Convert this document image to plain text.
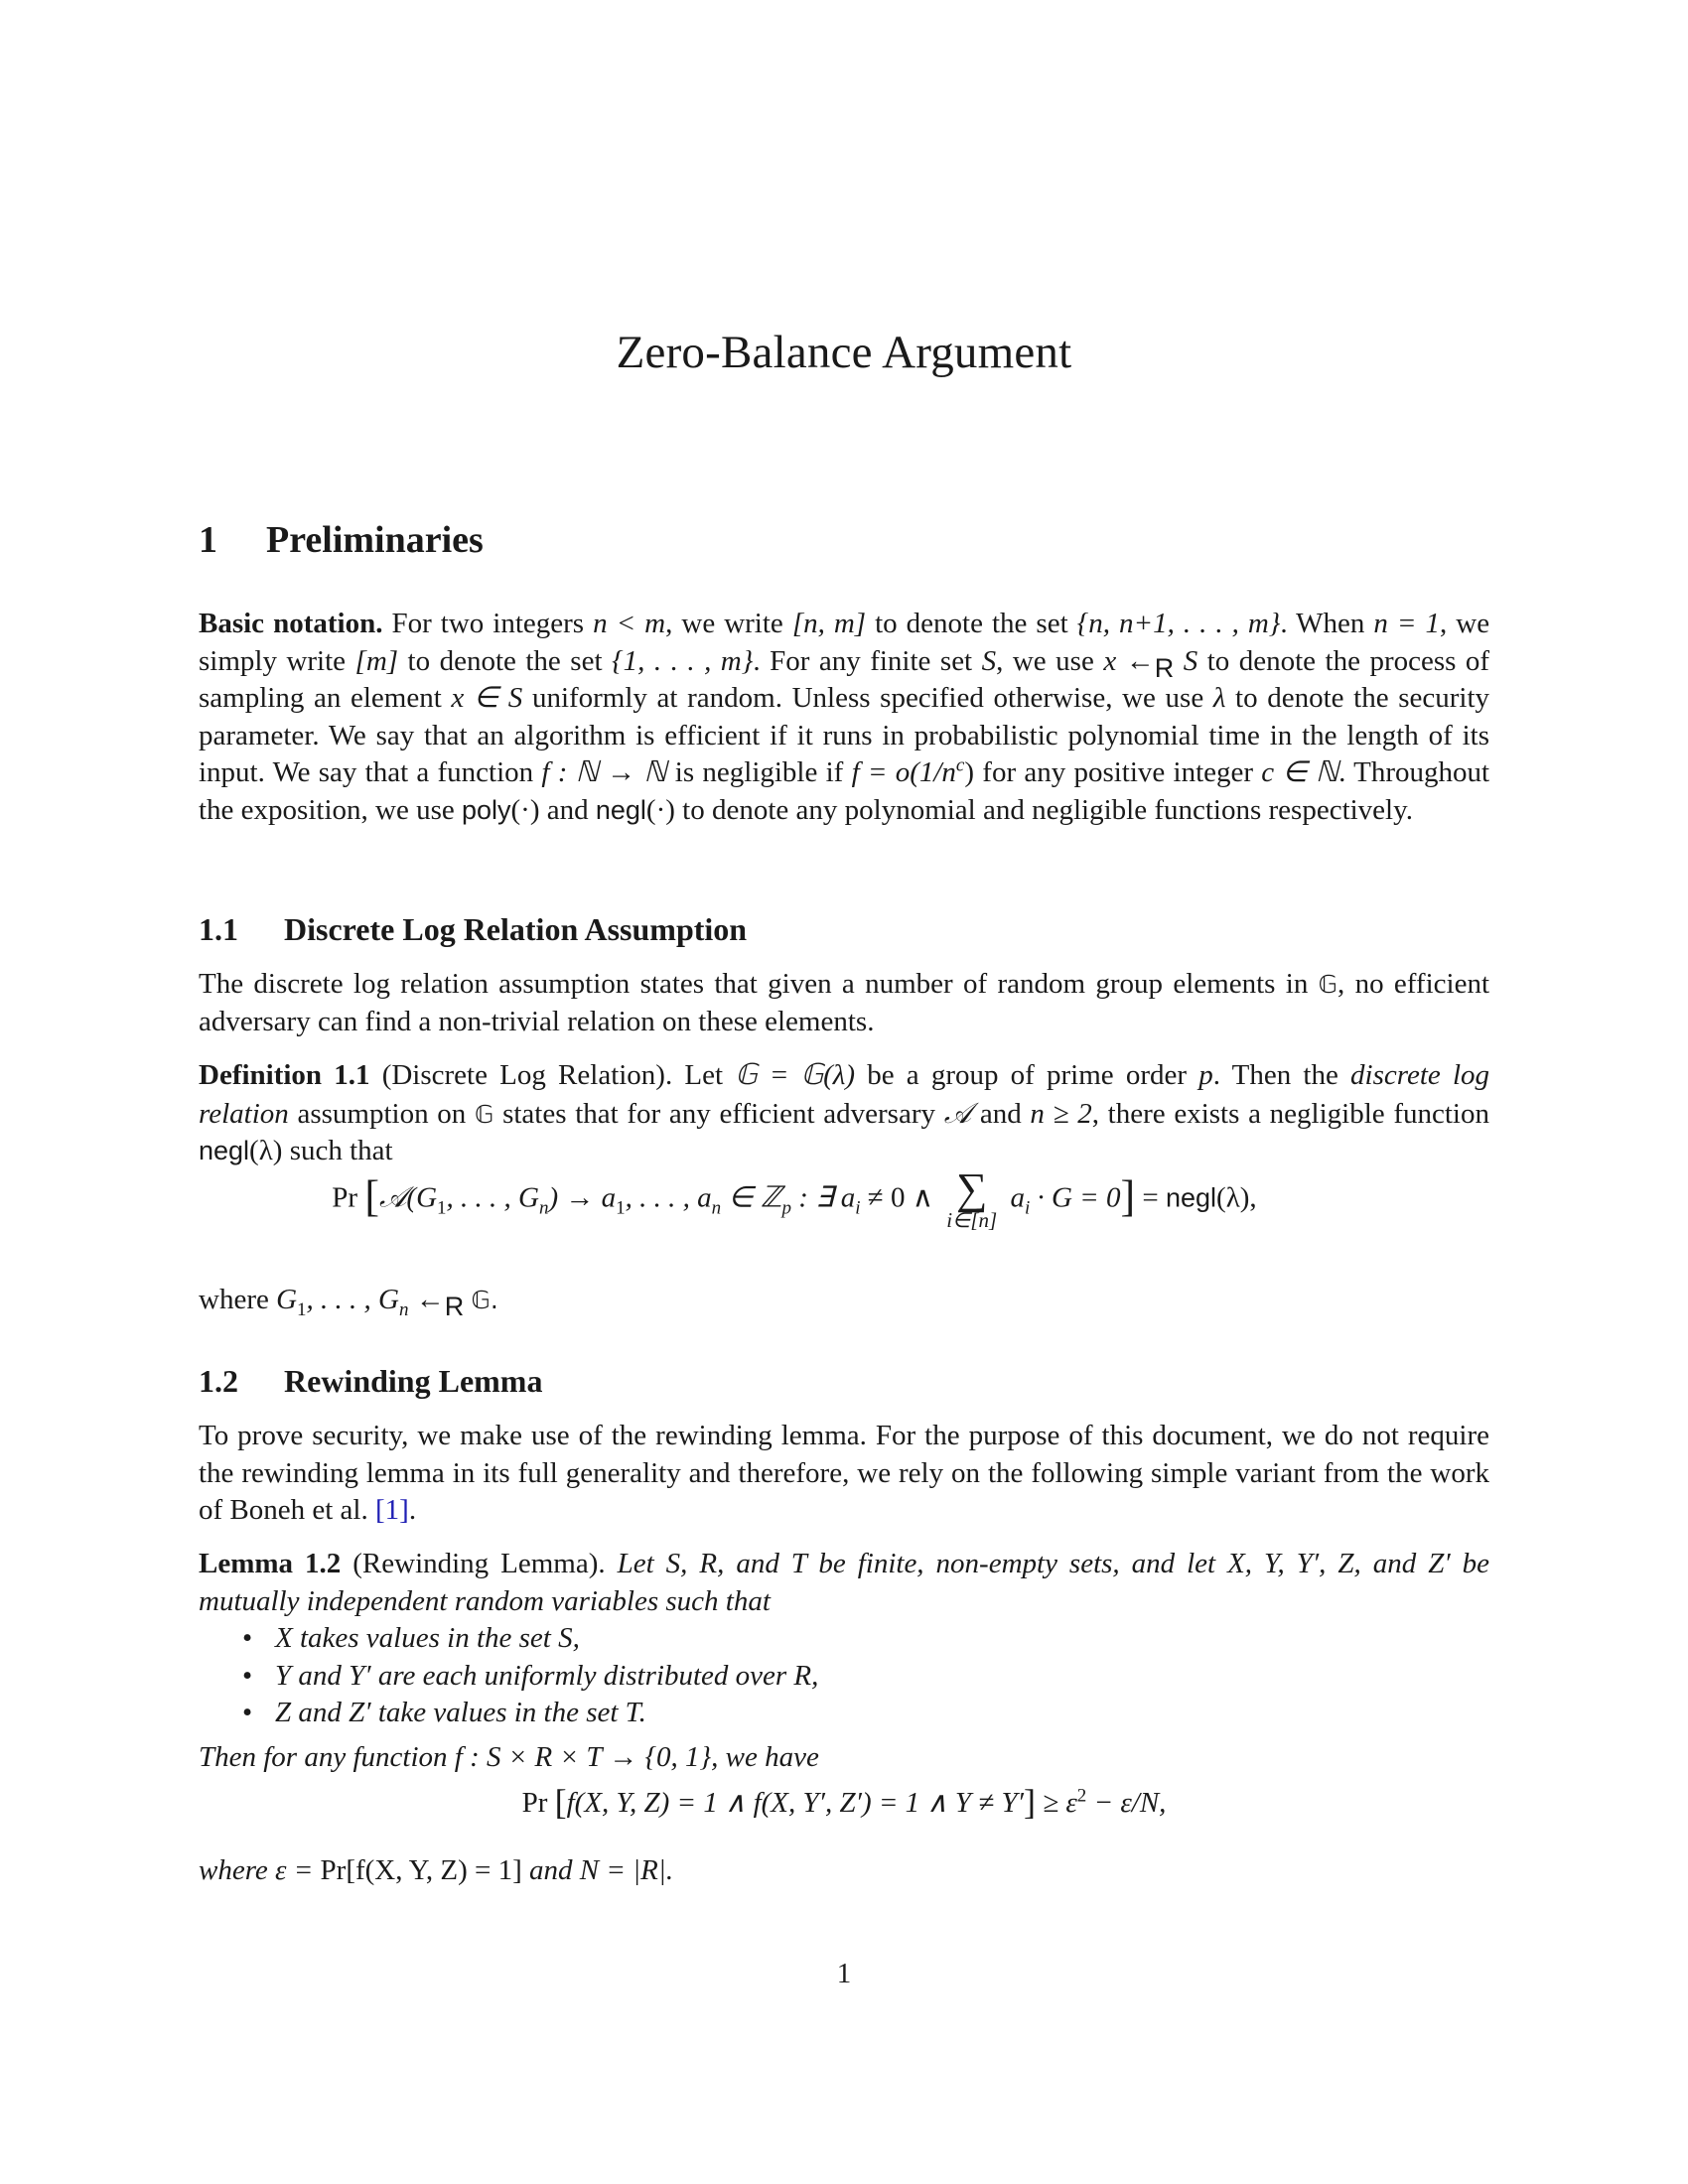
Zero-Balance Argument
1 Preliminaries
Basic notation. For two integers n < m, we write [n, m] to denote the set {n, n+1, . . . , m}. When n = 1, we simply write [m] to denote the set {1, . . . , m}. For any finite set S, we use x $\leftarrow_R$ S to denote the process of sampling an element x ∈ S uniformly at random. Unless specified otherwise, we use λ to denote the security parameter. We say that an algorithm is efficient if it runs in probabilistic polynomial time in the length of its input. We say that a function f : ℕ → ℕ is negligible if $f = o(1/n^c)$ for any positive integer c ∈ ℕ. Throughout the exposition, we use poly(·) and negl(·) to denote any polynomial and negligible functions respectively.
1.1 Discrete Log Relation Assumption
The discrete log relation assumption states that given a number of random group elements in 𝔾, no efficient adversary can find a non-trivial relation on these elements.
Definition 1.1 (Discrete Log Relation). Let 𝔾 = 𝔾(λ) be a group of prime order p. Then the discrete log relation assumption on 𝔾 states that for any efficient adversary 𝒜 and n ≥ 2, there exists a negligible function negl(λ) such that
Pr [$𝒜(G_1$, . . . , $G_n) \to a_1$, . . . , $a_n$ ∈ ℤ$_p$ : ∃ $a_i \ne 0$ ∧ ∑
i∈[n]
$a_i \cdot G = 0$] = negl(λ),
where $G_1$, . . . , $G_n$ $\leftarrow_R$ 𝔾.
1.2 Rewinding Lemma
To prove security, we make use of the rewinding lemma. For the purpose of this document, we do not require the rewinding lemma in its full generality and therefore, we rely on the following simple variant from the work of Boneh et al. [1].
Lemma 1.2 (Rewinding Lemma). Let S, R, and T be finite, non-empty sets, and let X, Y, Y′, Z, and Z′ be mutually independent random variables such that
• X takes values in the set S,
• Y and Y′ are each uniformly distributed over R,
• Z and Z′ take values in the set T.
Then for any function f : S × R × T → {0, 1}, we have
Pr [f(X, Y, Z) = 1 ∧ f(X, Y′, Z′) = 1 ∧ $Y \ne Y'] \ge \varepsilon^2 - \varepsilon/N$,
where ε = Pr[f(X, Y, Z) = 1] and N = |R|.
1
